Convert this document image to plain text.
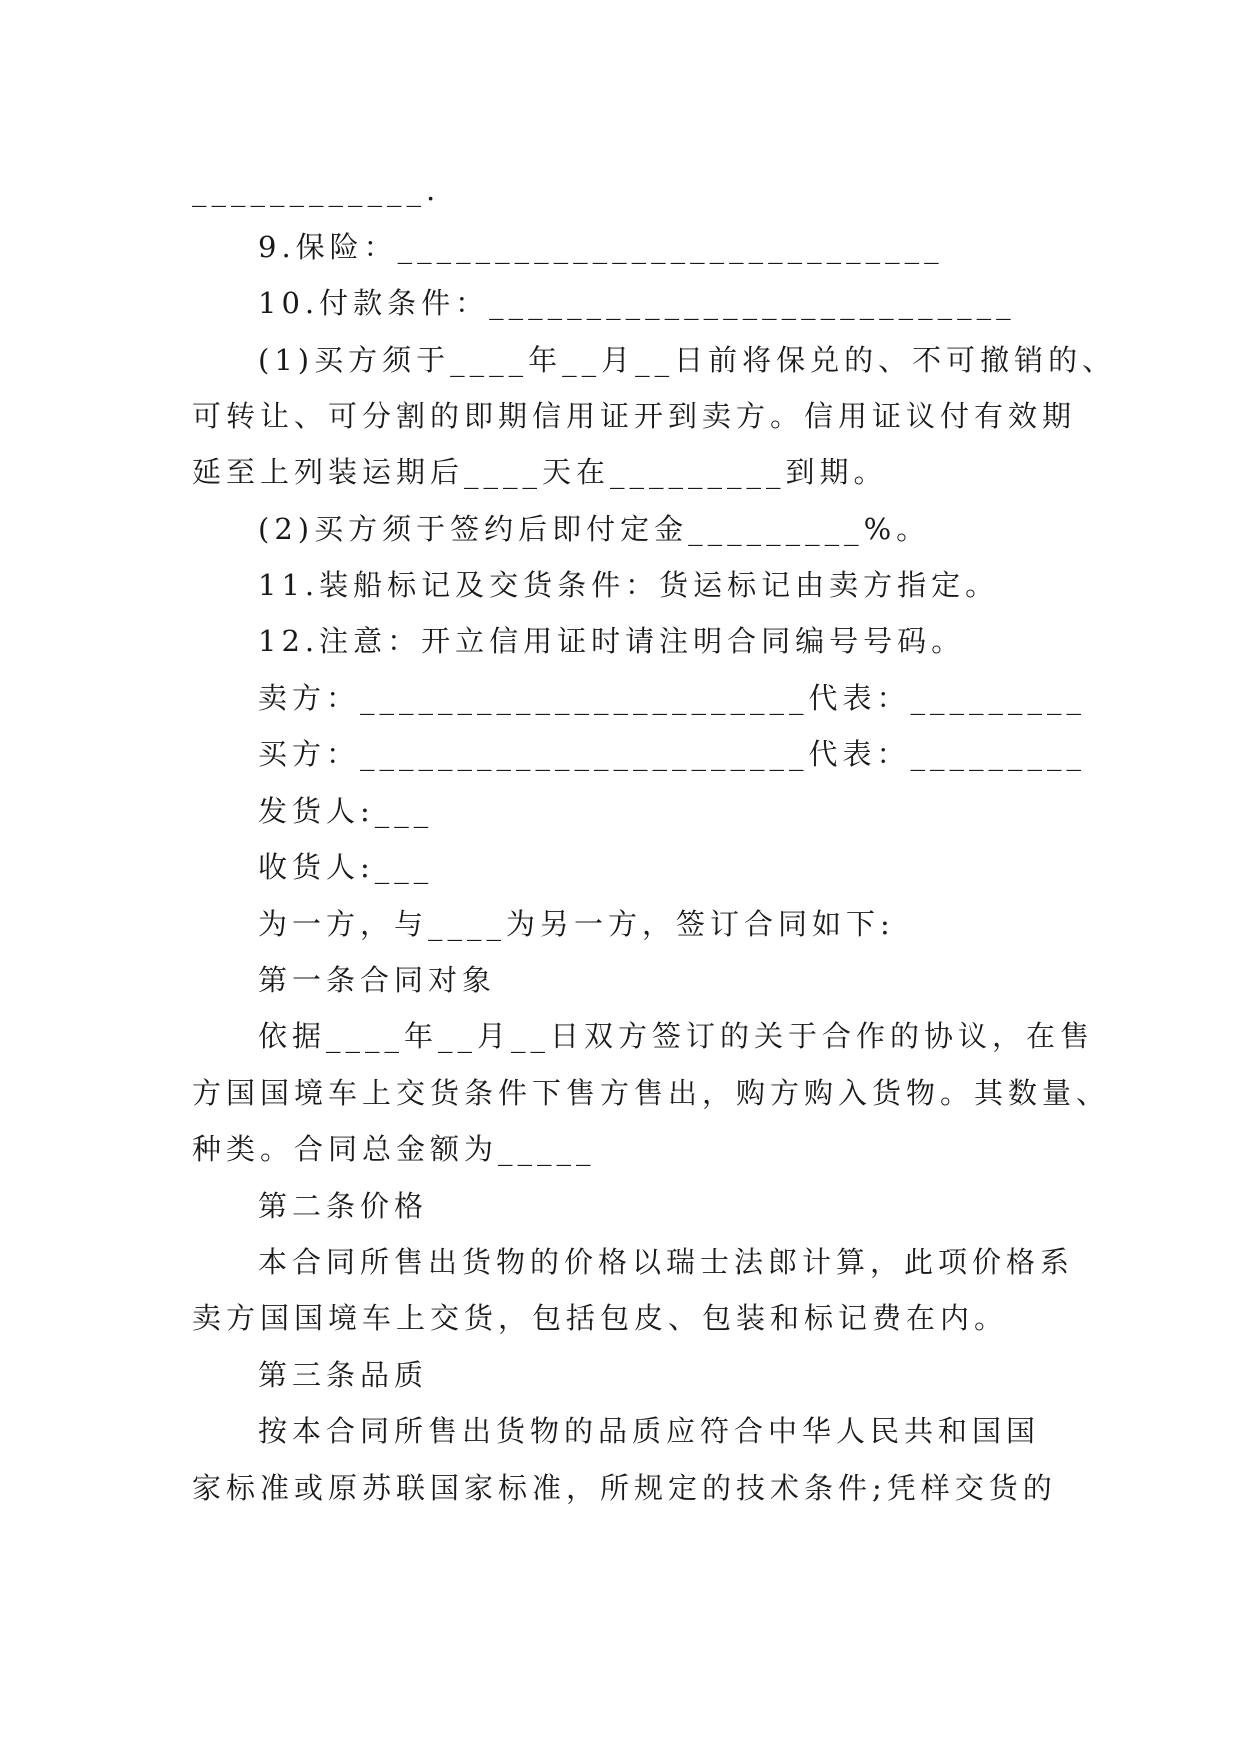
____________.
9.保险：____________________________
10.付款条件：___________________________
(1)买方须于____年__月__日前将保兑的、不可撤销的、
可转让、可分割的即期信用证开到卖方。信用证议付有效期
延至上列装运期后____天在_________到期。
(2)买方须于签约后即付定金_________%。
11.装船标记及交货条件：货运标记由卖方指定。
12.注意：开立信用证时请注明合同编号号码。
卖方：_______________________代表：_________
买方：_______________________代表：_________
发货人:___
收货人:___
为一方，与____为另一方，签订合同如下:
第一条合同对象
依据____年__月__日双方签订的关于合作的协议，在售
方国国境车上交货条件下售方售出，购方购入货物。其数量、
种类。合同总金额为_____
第二条价格
本合同所售出货物的价格以瑞士法郎计算，此项价格系
卖方国国境车上交货，包括包皮、包装和标记费在内。
第三条品质
按本合同所售出货物的品质应符合中华人民共和国国
家标准或原苏联国家标准，所规定的技术条件;凭样交货的
